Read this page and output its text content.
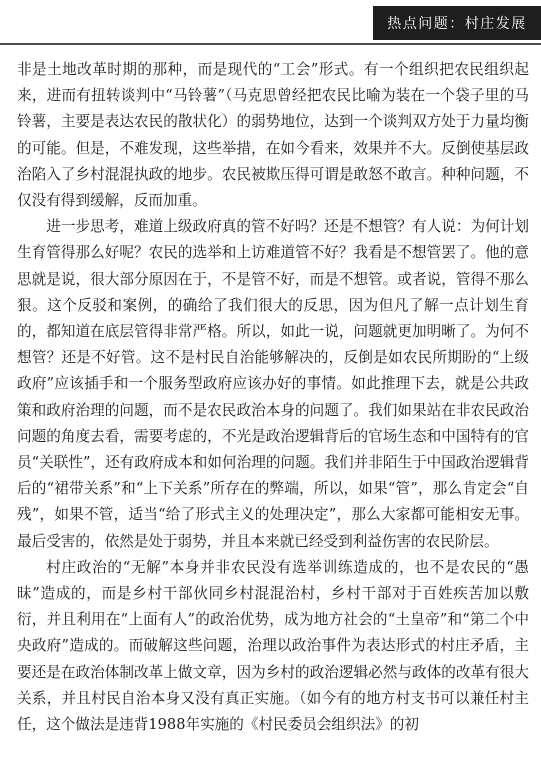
热点问题：村庄发展

非是土地改革时期的那种，而是现代的“工会”形式。有一个组织把农民组织起来，进而有扭转谈判中“马铃薯”（马克思曾经把农民比喻为装在一个袋子里的马铃薯，主要是表达农民的散状化）的弱势地位，达到一个谈判双方处于力量均衡的可能。但是，不难发现，这些举措，在如今看来，效果并不大。反倒使基层政治陷入了乡村混混执政的地步。农民被欺压得可谓是敢怒不敢言。种种问题，不仅没有得到缓解，反而加重。

进一步思考，难道上级政府真的管不好吗？还是不想管？有人说：为何计划生育管得那么好呢？农民的选举和上访难道管不好？我看是不想管罢了。他的意思就是说，很大部分原因在于，不是管不好，而是不想管。或者说，管得不那么狠。这个反驳和案例，的确给了我们很大的反思，因为但凡了解一点计划生育的，都知道在底层管得非常严格。所以，如此一说，问题就更加明晰了。为何不想管？还是不好管。这不是村民自治能够解决的，反倒是如农民所期盼的“上级政府”应该插手和一个服务型政府应该办好的事情。如此推理下去，就是公共政策和政府治理的问题，而不是农民政治本身的问题了。我们如果站在非农民政治问题的角度去看，需要考虑的，不光是政治逻辑背后的官场生态和中国特有的官员“关联性”，还有政府成本和如何治理的问题。我们并非陌生于中国政治逻辑背后的“裙带关系”和“上下关系”所存在的弊端，所以，如果“管”，那么肯定会“自残”，如果不管，适当“给了形式主义的处理决定”，那么大家都可能相安无事。最后受害的，依然是处于弱势，并且本来就已经受到利益伤害的农民阶层。

村庄政治的“无解”本身并非农民没有选举训练造成的，也不是农民的“愚昧”造成的，而是乡村干部伙同乡村混混治村，乡村干部对于百姓疾苦加以敷衍，并且利用在“上面有人”的政治优势，成为地方社会的“土皇帝”和“第二个中央政府”造成的。而破解这些问题，治理以政治事件为表达形式的村庄矛盾，主要还是在政治体制改革上做文章，因为乡村的政治逻辑必然与政体的改革有很大关系，并且村民自治本身又没有真正实施。（如今有的地方村支书可以兼任村主任，这个做法是违背1988年实施的《村民委员会组织法》的初
